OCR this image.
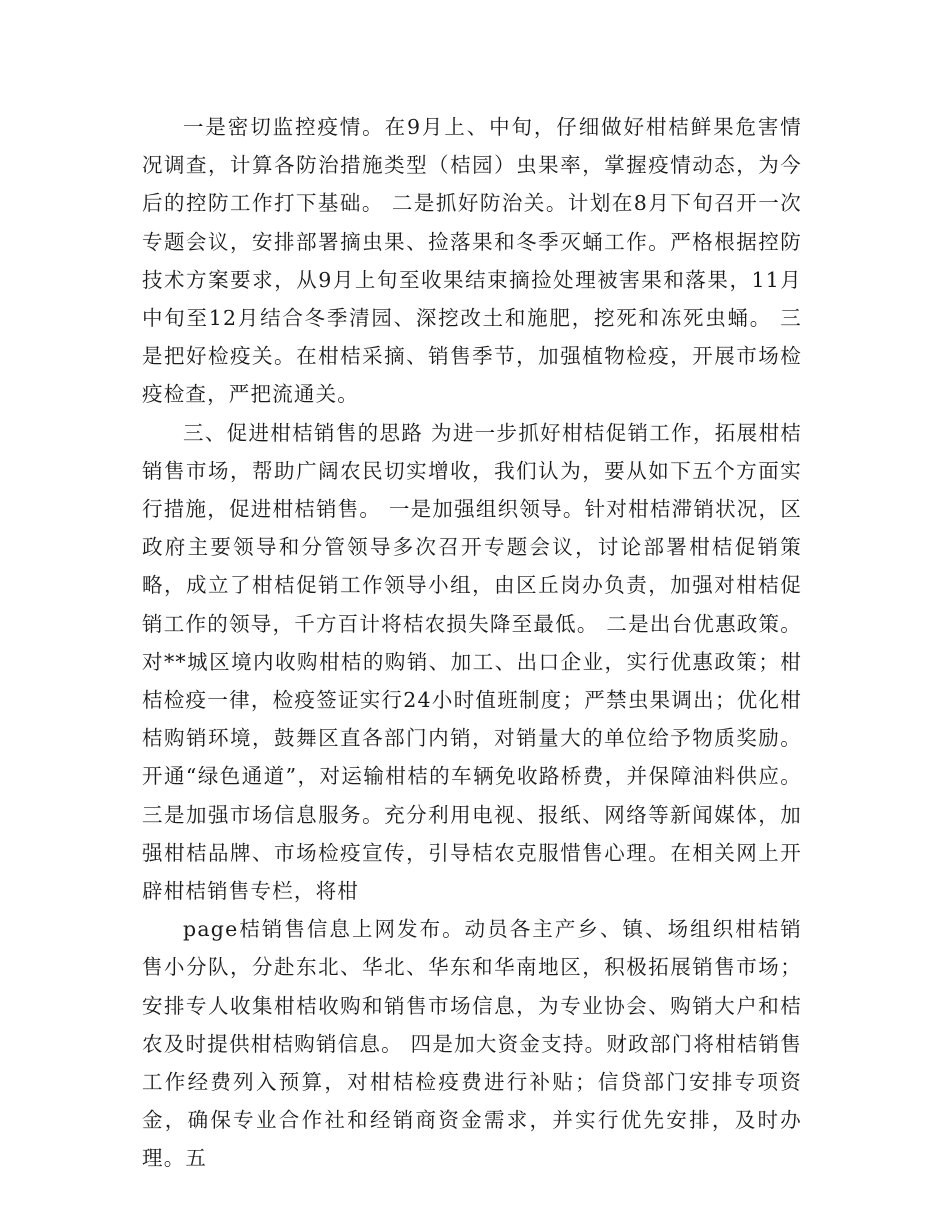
一是密切监控疫情。在9月上、中旬，仔细做好柑桔鲜果危害情况调查，计算各防治措施类型（桔园）虫果率，掌握疫情动态，为今后的控防工作打下基础。 二是抓好防治关。计划在8月下旬召开一次专题会议，安排部署摘虫果、捡落果和冬季灭蛹工作。严格根据控防技术方案要求，从9月上旬至收果结束摘捡处理被害果和落果，11月中旬至12月结合冬季清园、深挖改土和施肥，挖死和冻死虫蛹。 三是把好检疫关。在柑桔采摘、销售季节，加强植物检疫，开展市场检疫检查，严把流通关。

三、促进柑桔销售的思路 为进一步抓好柑桔促销工作，拓展柑桔销售市场，帮助广阔农民切实增收，我们认为，要从如下五个方面实行措施，促进柑桔销售。 一是加强组织领导。针对柑桔滞销状况，区政府主要领导和分管领导多次召开专题会议，讨论部署柑桔促销策略，成立了柑桔促销工作领导小组，由区丘岗办负责，加强对柑桔促销工作的领导，千方百计将桔农损失降至最低。 二是出台优惠政策。对**城区境内收购柑桔的购销、加工、出口企业，实行优惠政策；柑桔检疫一律，检疫签证实行24小时值班制度；严禁虫果调出；优化柑桔购销环境，鼓舞区直各部门内销，对销量大的单位给予物质奖励。开通“绿色通道”，对运输柑桔的车辆免收路桥费，并保障油料供应。 三是加强市场信息服务。充分利用电视、报纸、网络等新闻媒体，加强柑桔品牌、市场检疫宣传，引导桔农克服惜售心理。在相关网上开辟柑桔销售专栏，将柑

page桔销售信息上网发布。动员各主产乡、镇、场组织柑桔销售小分队，分赴东北、华北、华东和华南地区，积极拓展销售市场；安排专人收集柑桔收购和销售市场信息，为专业协会、购销大户和桔农及时提供柑桔购销信息。 四是加大资金支持。财政部门将柑桔销售工作经费列入预算，对柑桔检疫费进行补贴；信贷部门安排专项资金，确保专业合作社和经销商资金需求，并实行优先安排，及时办理。五
